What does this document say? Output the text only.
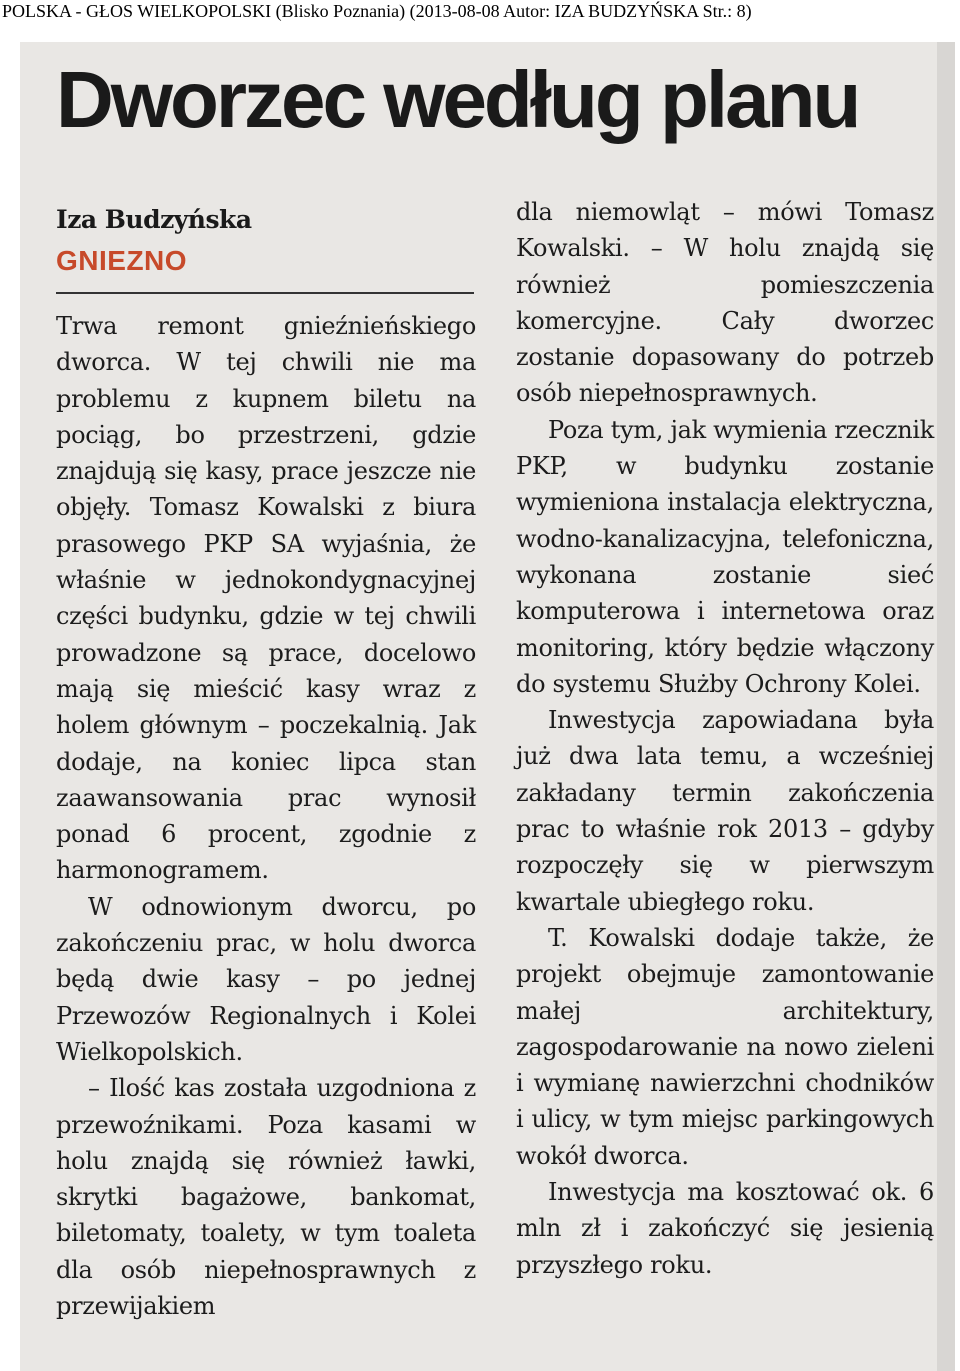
POLSKA - GŁOS WIELKOPOLSKI (Blisko Poznania) (2013-08-08 Autor: IZA BUDZYŃSKA Str.: 8)
Dworzec według planu
Iza Budzyńska
GNIEZNO

Trwa remont gnieźnieńskiego dworca. W tej chwili nie ma problemu z kupnem biletu na pociąg, bo przestrzeni, gdzie znajdują się kasy, prace jeszcze nie objęły. Tomasz Kowalski z biura prasowego PKP SA wyjaśnia, że właśnie w jednokondygnacyjnej części budynku, gdzie w tej chwili prowadzone są prace, docelowo mają się mieścić kasy wraz z holem głównym – poczekalnią. Jak dodaje, na koniec lipca stan zaawansowania prac wynosił ponad 6 procent, zgodnie z harmonogramem.

W odnowionym dworcu, po zakończeniu prac, w holu dworca będą dwie kasy – po jednej Przewozów Regionalnych i Kolei Wielkopolskich.

– Ilość kas została uzgodniona z przewoźnikami. Poza kasami w holu znajdą się również ławki, skrytki bagażowe, bankomat, biletomaty, toalety, w tym toaleta dla osób niepełnosprawnych z przewijakiem

dla niemowląt – mówi Tomasz Kowalski. – W holu znajdą się również pomieszczenia komercyjne. Cały dworzec zostanie dopasowany do potrzeb osób niepełnosprawnych.

Poza tym, jak wymienia rzecznik PKP, w budynku zostanie wymieniona instalacja elektryczna, wodno-kanalizacyjna, telefoniczna, wykonana zostanie sieć komputerowa i internetowa oraz monitoring, który będzie włączony do systemu Służby Ochrony Kolei.

Inwestycja zapowiadana była już dwa lata temu, a wcześniej zakładany termin zakończenia prac to właśnie rok 2013 – gdyby rozpoczęły się w pierwszym kwartale ubiegłego roku.

T. Kowalski dodaje także, że projekt obejmuje zamontowanie małej architektury, zagospodarowanie na nowo zieleni i wymianę nawierzchni chodników i ulicy, w tym miejsc parkingowych wokół dworca.

Inwestycja ma kosztować ok. 6 mln zł i zakończyć się jesienią przyszłego roku.
